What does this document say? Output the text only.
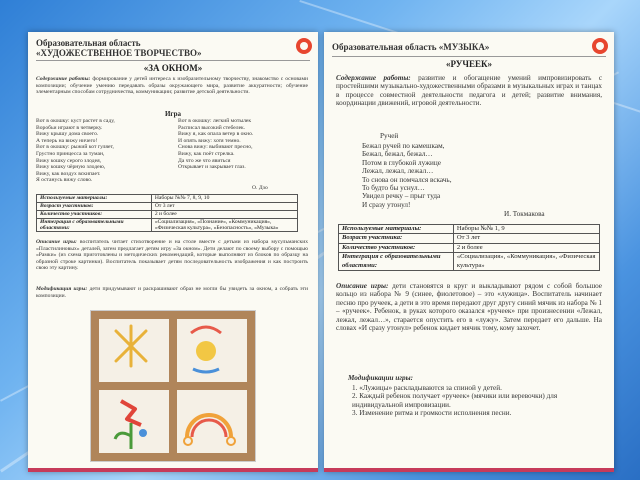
Образовательная область
«ХУДОЖЕСТВЕННОЕ ТВОРЧЕСТВО»
«ЗА ОКНОМ»
Содержание работы: формирование у детей интереса к изобразительному творчеству, знакомство с основами композиции; обучение умению передавать образы окружающего мира, развитие аккуратности; обучение элементарным способам сотрудничества, коммуникации; развитие детской деятельности.
Игра
Вот в окошку: куст растет в саду,
Воробьи играют в четверку.
Вижу крышу дома своего.
А теперь на вижу ничего!
Вот в окошку: рыжий кот гуляет,
Грустно принцесса за туман,
Вижу кошку серого злодея,
Вижу кошку чёрную злодею,
Вижу, как воздух вскипает.
Я останусь вижу слово.
Вот в окошку: легкий мотылек
Расписал высокий стебелек.
Вижу я, как опала ветер в окно.
И опять вижу: хотя темно.
Снова вижу: выбивают пресно,
Вижу, как поёт стрелка.
Да что же что явиться
Открывает и закрывает глаз.
О. Дзо
Используемые материалы:	Наборы №№ 7, 8, 9, 10
Возраст участников:	От 3 лет
Количество участников:	2 и более
Интеграция с образовательными областями:	«Социализация», «Познание», «Коммуникация», «Физическая культура», «Безопасность», «Музыка»
Описание игры: воспитатель читает стихотворение и на столе вместе с детьми из набора мусульманских «Пластилиновых» деталей, затем предлагает детям игру «За окном». Дети делают по своему выбору с помощью «Рамки» (из схема приготовлены и методических рекомендаций, которые выполняют из блоков по образцу на образной строке картинки). Воспитатель показывает детям последовательность изображения и как построить свою эту картину.
Модификация игры: дети придумывают и раскрашивают образ не могли бы увидеть за окном, а собрать эти композиции.
Образовательная область «МУЗЫКА»
«РУЧЕЕК»
Содержание работы: развитие и обогащение умений импровизировать с простейшими музыкально-художественными образами в музыкальных играх и танцах в процессе совместной деятельности педагога и детей; развитие внимания, координации движений, игровой деятельности.
Ручей
Бежал ручей по камешкам,
Бежал, бежал, бежал…
Потом в глубокой лужице
Лежал, лежал, лежал…
То снова он помчался вскачь,
То будто бы уснул…
Увидел речку – прыг туда
И сразу утонул!
И. Токмакова
Используемые материалы:	Наборы №№ 1, 9
Возраст участника:	От 3 лет
Количество участников:	2 и более
Интеграция с образовательными областями:	«Социализация», «Коммуникация», «Физическая культура»
Описание игры: дети становятся в круг и выкладывают рядом с собой большое кольцо из набора № 9 (синее, фиолетовое) – это «лужица». Воспитатель начинает песню про ручеек, а дети в это время передают друг другу синий мячик из набора № 1 – «ручеек». Ребенок, в руках которого оказался «ручеек» при произнесении «Лежал, лежал, лежал…», старается опустить его в «лужу». Затем передает его дальше. На словах «И сразу утонул» ребенок кидает мячик тому, кому захочет.
Модификации игры:
1. «Лужицы» раскладываются за спиной у детей.
2. Каждый ребенок получает «ручеек» (мячики или веревочки) для индивидуальной импровизации.
3. Изменение ритма и громкости исполнения песни.
